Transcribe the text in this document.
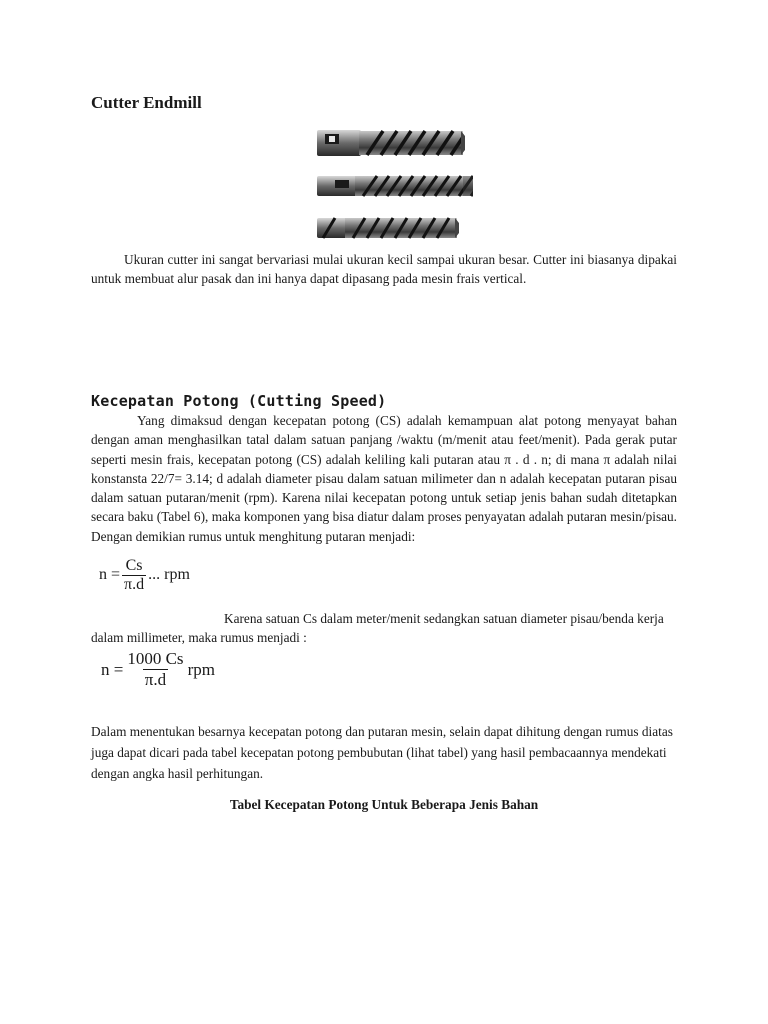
Cutter Endmill

Ukuran cutter ini sangat bervariasi mulai ukuran kecil sampai ukuran besar. Cutter ini biasanya dipakai untuk membuat alur pasak dan ini hanya dapat dipasang pada mesin frais vertical.

Kecepatan Potong (Cutting Speed)

Yang dimaksud dengan kecepatan potong (CS) adalah kemampuan alat potong menyayat bahan dengan aman menghasilkan tatal dalam satuan panjang /waktu (m/menit atau feet/menit). Pada gerak putar seperti mesin frais, kecepatan potong (CS) adalah keliling kali putaran atau π . d . n; di mana π adalah nilai konstansta 22/7= 3.14; d adalah diameter pisau dalam satuan milimeter dan n adalah kecepatan putaran pisau dalam satuan putaran/menit (rpm). Karena nilai kecepatan potong untuk setiap jenis bahan sudah ditetapkan secara baku (Tabel 6), maka komponen yang bisa diatur dalam proses penyayatan adalah putaran mesin/pisau. Dengan demikian rumus untuk menghitung putaran menjadi:

$n = \frac{Cs}{\pi.d}$ ... rpm

Karena satuan Cs dalam meter/menit sedangkan satuan diameter pisau/benda kerja dalam millimeter, maka rumus menjadi :

$n = \frac{1000 Cs}{\pi.d}$ rpm

Dalam menentukan besarnya kecepatan potong dan putaran mesin, selain dapat dihitung dengan rumus diatas juga dapat dicari pada tabel kecepatan potong pembubutan (lihat tabel) yang hasil pembacaannya mendekati dengan angka hasil perhitungan.

Tabel Kecepatan Potong Untuk Beberapa Jenis Bahan
